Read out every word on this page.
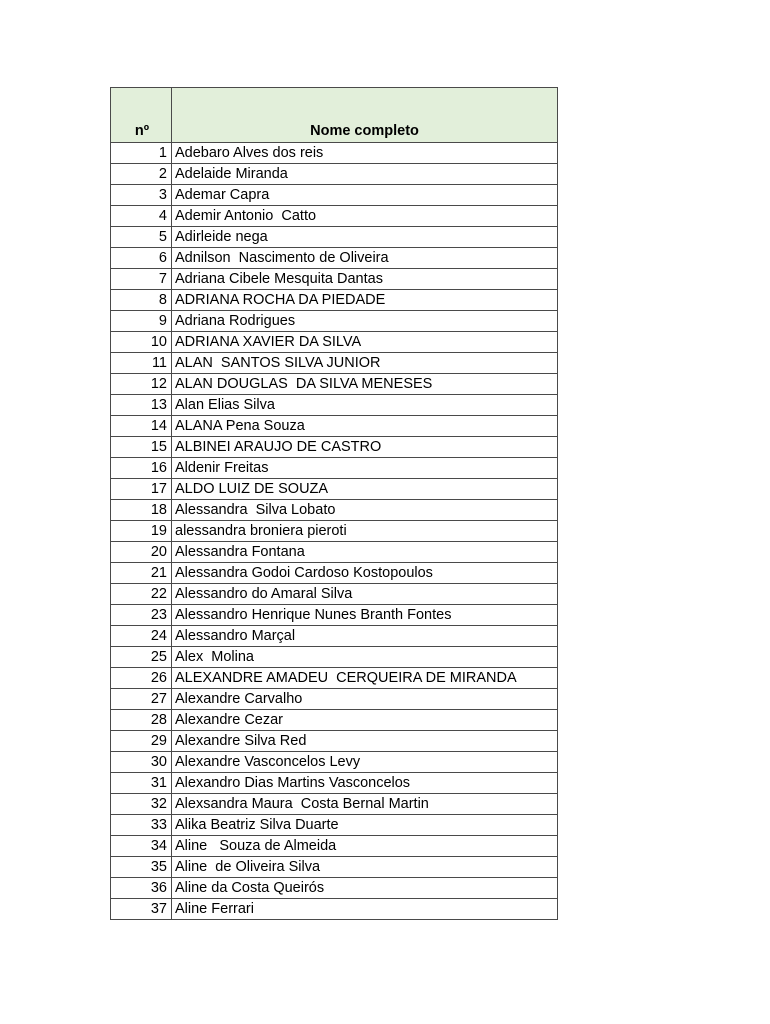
nº	Nome completo
1	Adebaro Alves dos reis
2	Adelaide Miranda
3	Ademar Capra
4	Ademir Antonio  Catto
5	Adirleide nega
6	Adnilson  Nascimento de Oliveira
7	Adriana Cibele Mesquita Dantas
8	ADRIANA ROCHA DA PIEDADE
9	Adriana Rodrigues
10	ADRIANA XAVIER DA SILVA
11	ALAN  SANTOS SILVA JUNIOR
12	ALAN DOUGLAS  DA SILVA MENESES
13	Alan Elias Silva
14	ALANA Pena Souza
15	ALBINEI ARAUJO DE CASTRO
16	Aldenir Freitas
17	ALDO LUIZ DE SOUZA
18	Alessandra  Silva Lobato
19	alessandra broniera pieroti
20	Alessandra Fontana
21	Alessandra Godoi Cardoso Kostopoulos
22	Alessandro do Amaral Silva
23	Alessandro Henrique Nunes Branth Fontes
24	Alessandro Marçal
25	Alex  Molina
26	ALEXANDRE AMADEU  CERQUEIRA DE MIRANDA
27	Alexandre Carvalho
28	Alexandre Cezar
29	Alexandre Silva Red
30	Alexandre Vasconcelos Levy
31	Alexandro Dias Martins Vasconcelos
32	Alexsandra Maura  Costa Bernal Martin
33	Alika Beatriz Silva Duarte
34	Aline   Souza de Almeida
35	Aline  de Oliveira Silva
36	Aline da Costa Queirós
37	Aline Ferrari
